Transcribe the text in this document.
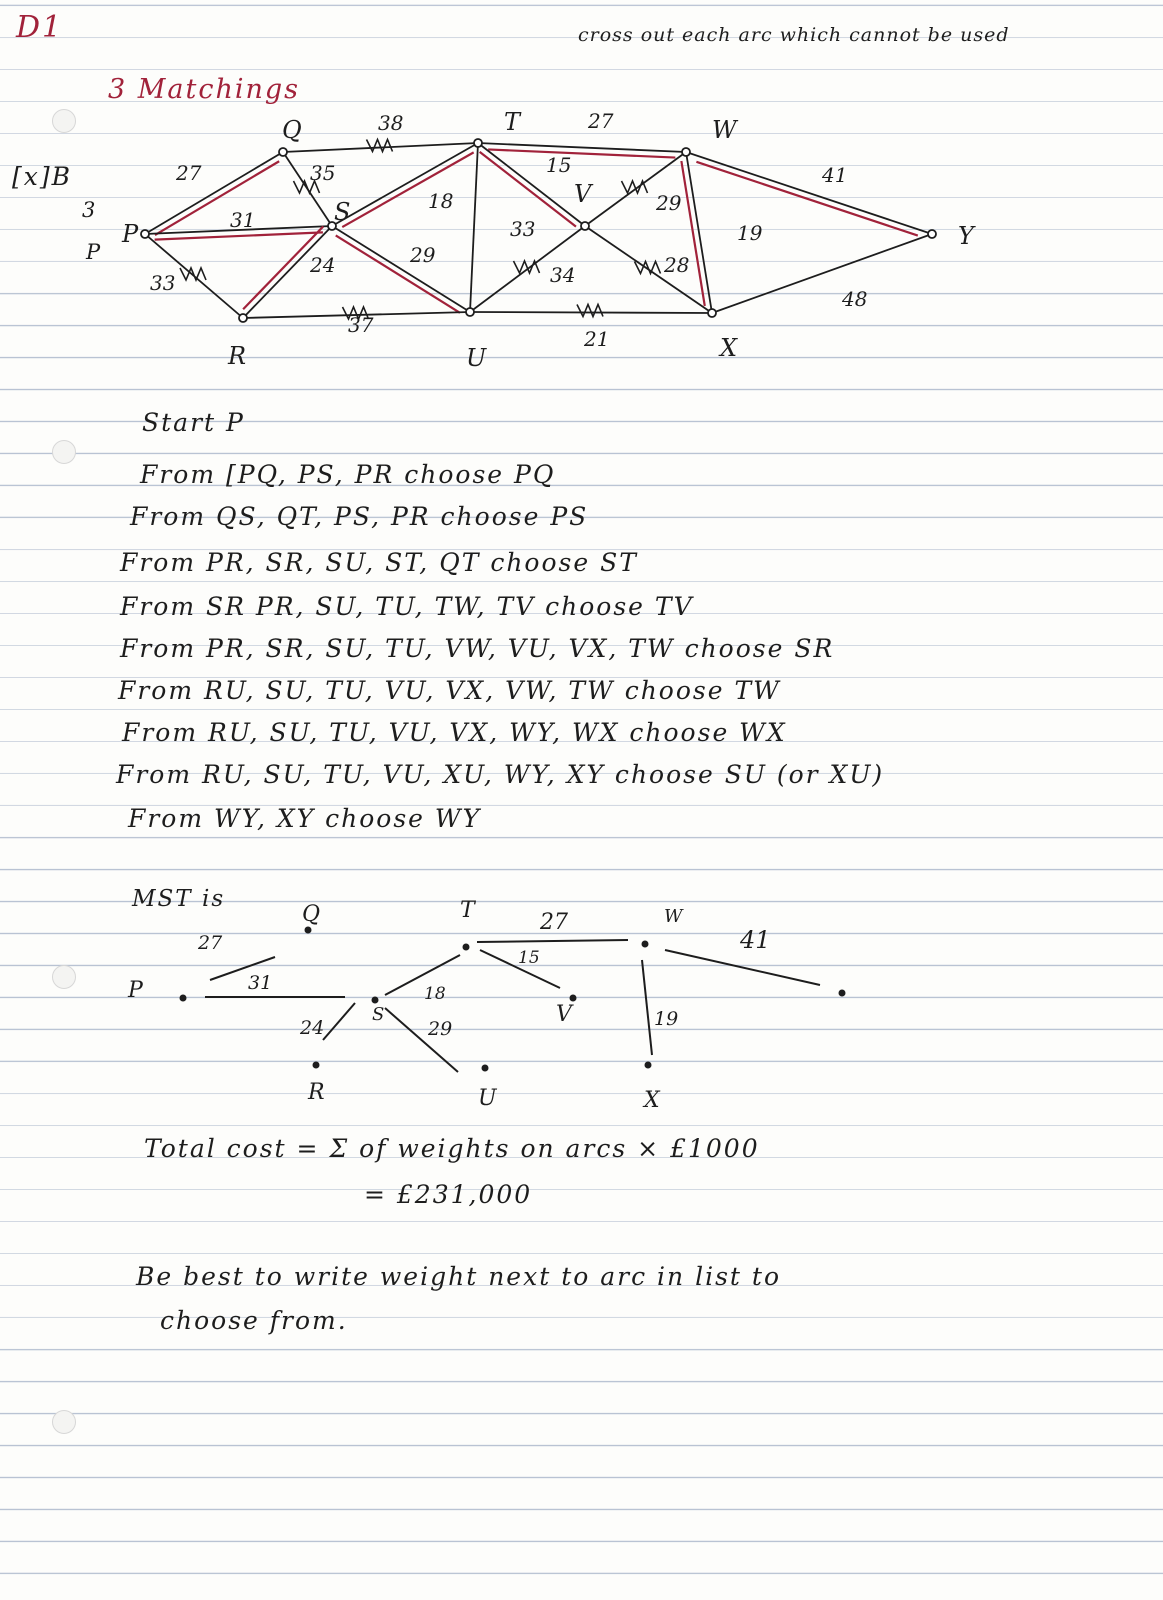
D1
3 Matchings
[x]B
3
P
cross out each arc which cannot be used
27
31
33
38
35
18
24	29
37
27
15
33
29
28
34
21
19
41
48
P
Q
S
R
T
U
V
W
X
Y
Start P
From [PQ, PS, PR choose PQ
From QS, QT, PS, PR choose PS
From PR, SR, SU, ST, QT choose ST
From SR PR, SU, TU, TW, TV choose TV
From PR, SR, SU, TU, VW, VU, VX, TW choose SR
From RU, SU, TU, VU, VX, VW, TW choose TW
From RU, SU, TU, VU, VX, WY, WX choose WX
From RU, SU, TU, VU, XU, WY, XY choose SU (or XU)
From WY, XY choose WY
MST is
P
Q
S
R
T
U
V
W
X
27
31
24
18
29
15
27
19
41
Total cost = Σ of weights on arcs × £1000
= £231,000
Be best to write weight next to arc in list to
choose from.
